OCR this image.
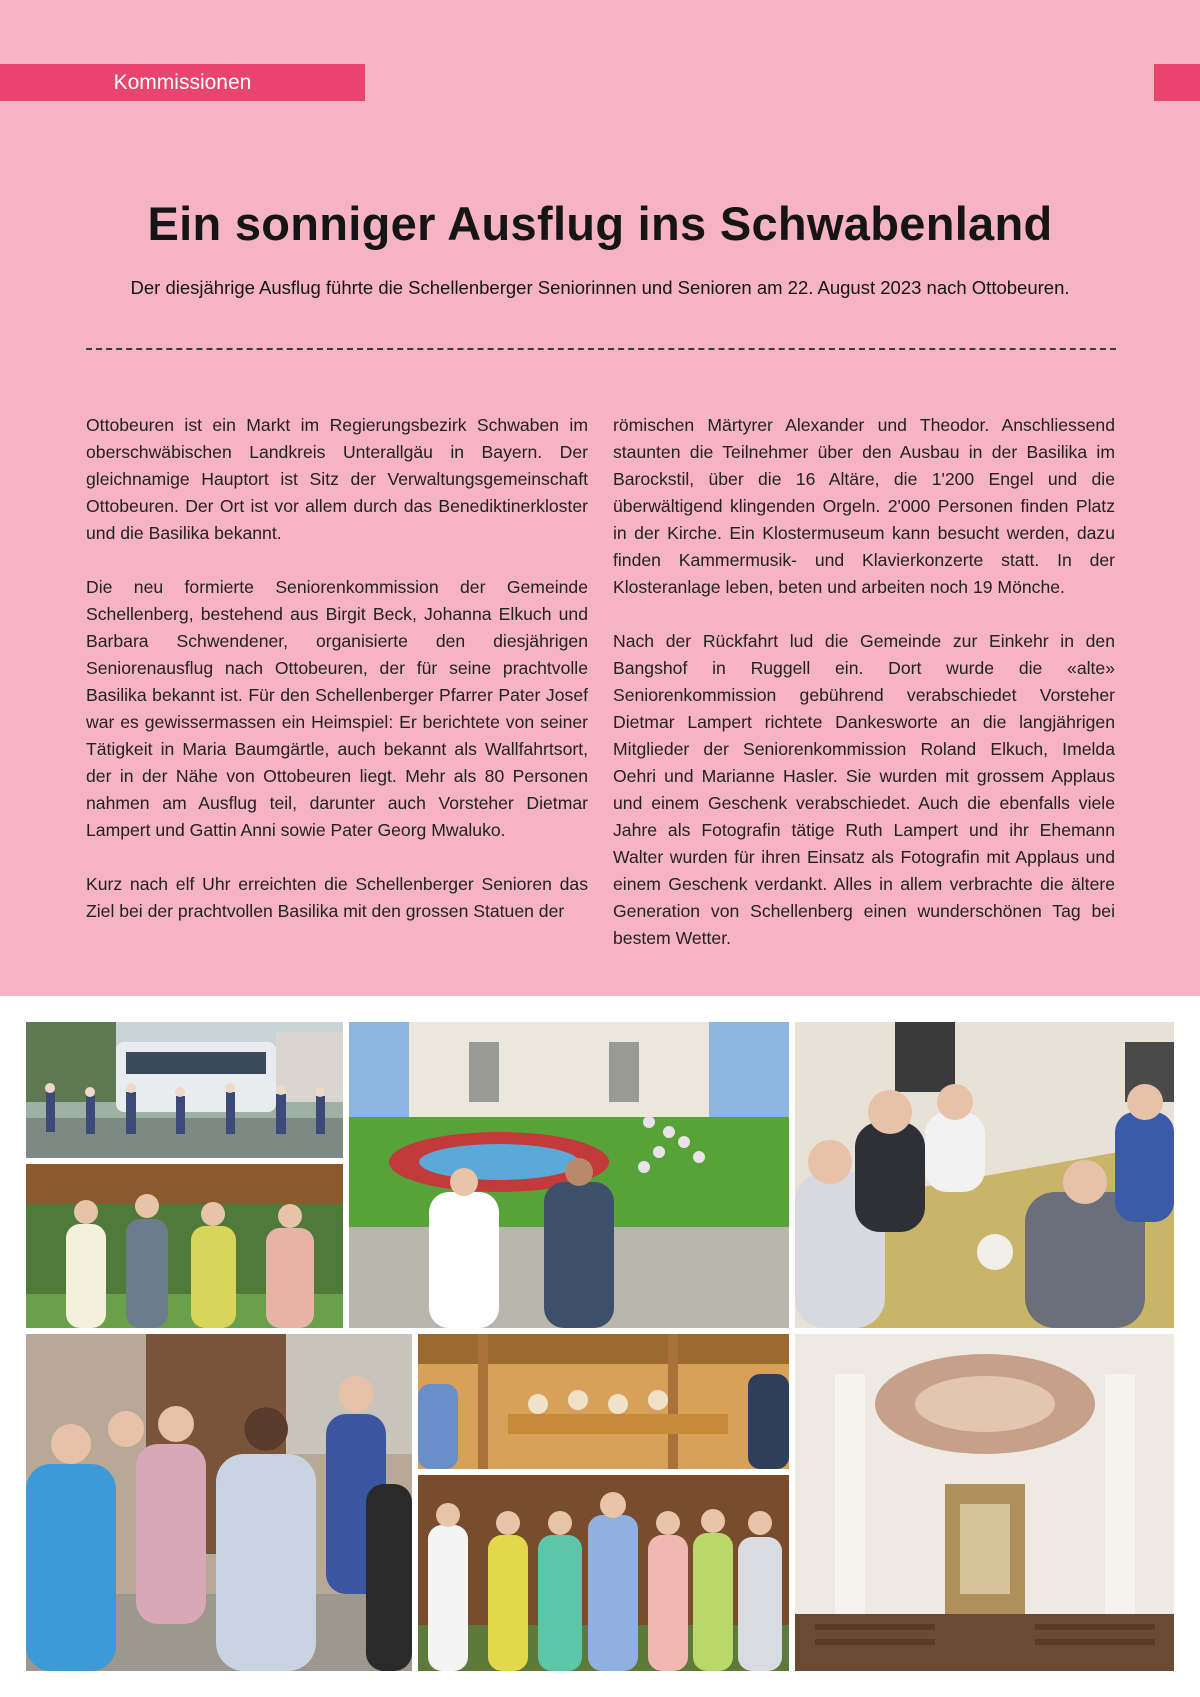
Kommissionen
Ein sonniger Ausflug ins Schwabenland

Der diesjährige Ausflug führte die Schellenberger Seniorinnen und Senioren am 22. August 2023 nach Ottobeuren.

Ottobeuren ist ein Markt im Regierungsbezirk Schwaben im oberschwäbischen Landkreis Unterallgäu in Bayern. Der gleichnamige Hauptort ist Sitz der Verwaltungsgemeinschaft Ottobeuren. Der Ort ist vor allem durch das Benediktinerkloster und die Basilika bekannt.

Die neu formierte Seniorenkommission der Gemeinde Schellenberg, bestehend aus Birgit Beck, Johanna Elkuch und Barbara Schwendener, organisierte den diesjährigen Seniorenausflug nach Ottobeuren, der für seine prachtvolle Basilika bekannt ist. Für den Schellenberger Pfarrer Pater Josef war es gewissermassen ein Heimspiel: Er berichtete von seiner Tätigkeit in Maria Baumgärtle, auch bekannt als Wallfahrtsort, der in der Nähe von Ottobeuren liegt. Mehr als 80 Personen nahmen am Ausflug teil, darunter auch Vorsteher Dietmar Lampert und Gattin Anni sowie Pater Georg Mwaluko.

Kurz nach elf Uhr erreichten die Schellenberger Senioren das Ziel bei der prachtvollen Basilika mit den grossen Statuen der

römischen Märtyrer Alexander und Theodor. Anschliessend staunten die Teilnehmer über den Ausbau in der Basilika im Barockstil, über die 16 Altäre, die 1'200 Engel und die überwältigend klingenden Orgeln. 2'000 Personen finden Platz in der Kirche. Ein Klostermuseum kann besucht werden, dazu finden Kammermusik- und Klavierkonzerte statt. In der Klosteranlage leben, beten und arbeiten noch 19 Mönche.

Nach der Rückfahrt lud die Gemeinde zur Einkehr in den Bangshof in Ruggell ein. Dort wurde die «alte» Seniorenkommission gebührend verabschiedet Vorsteher Dietmar Lampert richtete Dankesworte an die langjährigen Mitglieder der Seniorenkommission Roland Elkuch, Imelda Oehri und Marianne Hasler. Sie wurden mit grossem Applaus und einem Geschenk verabschiedet. Auch die ebenfalls viele Jahre als Fotografin tätige Ruth Lampert und ihr Ehemann Walter wurden für ihren Einsatz als Fotografin mit Applaus und einem Geschenk verdankt. Alles in allem verbrachte die ältere Generation von Schellenberg einen wunderschönen Tag bei bestem Wetter.
